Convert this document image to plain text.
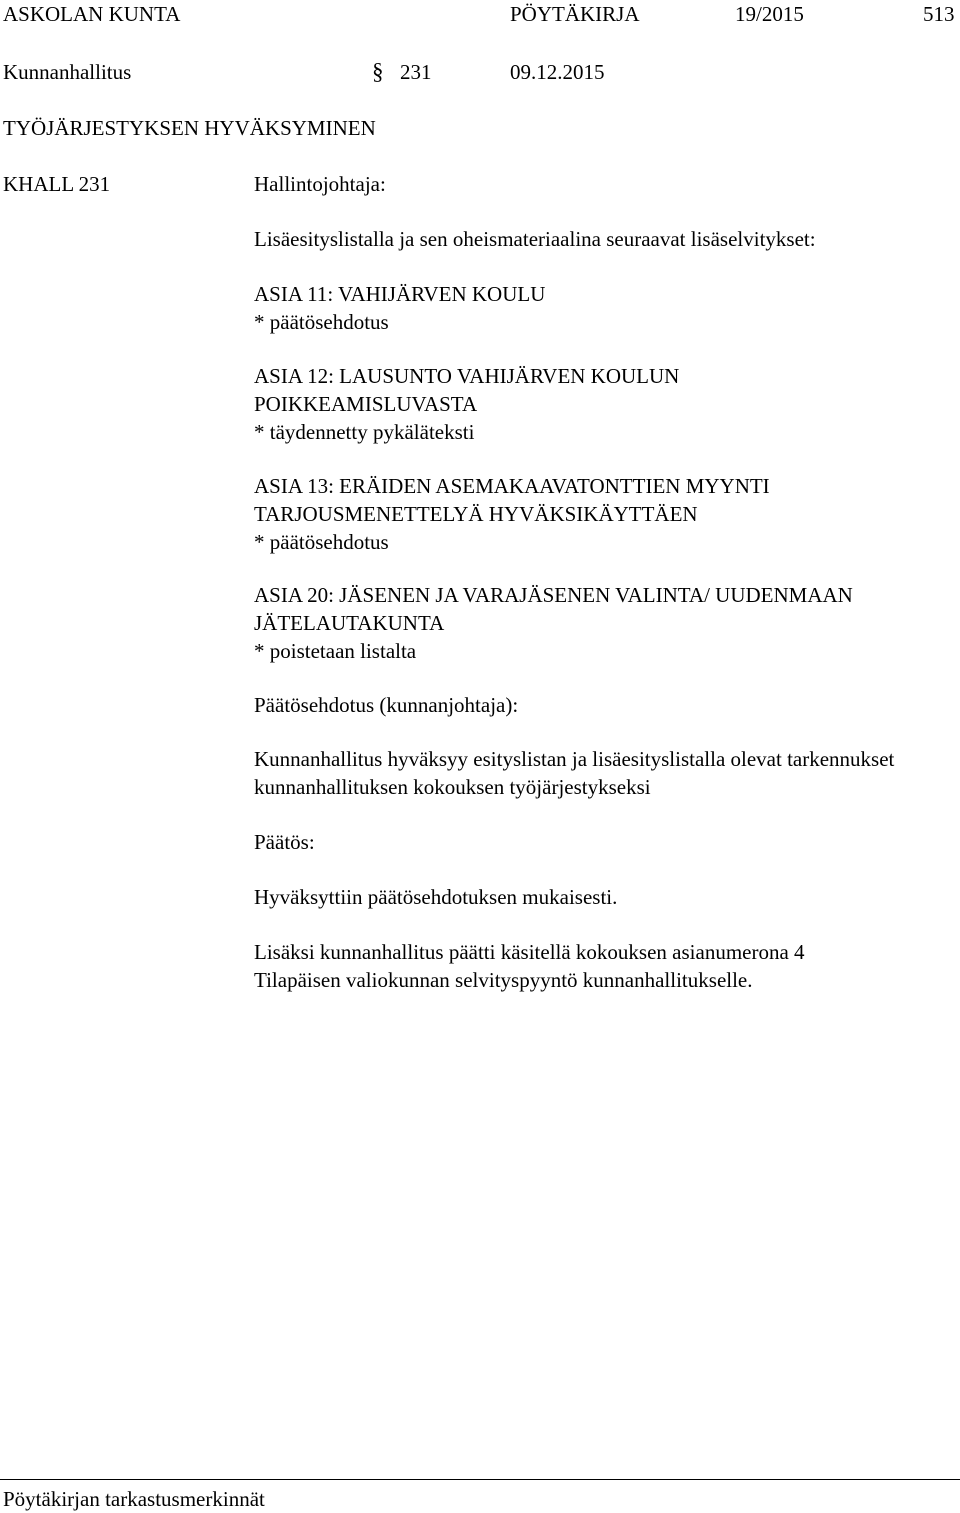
ASKOLAN KUNTA	PÖYTÄKIRJA	19/2015	513
Kunnanhallitus	§ 231	09.12.2015
TYÖJÄRJESTYKSEN HYVÄKSYMINEN
KHALL 231	Hallintojohtaja:
Lisäesityslistalla ja sen oheismateriaalina seuraavat lisäselvitykset:
ASIA 11: VAHIJÄRVEN KOULU
* päätösehdotus
ASIA 12: LAUSUNTO VAHIJÄRVEN KOULUN
POIKKEAMISLUVASTA
* täydennetty pykäläteksti
ASIA 13: ERÄIDEN ASEMAKAAVATONTTIEN MYYNTI
TARJOUSMENETTELYÄ HYVÄKSIKÄYTTÄEN
* päätösehdotus
ASIA 20: JÄSENEN JA VARAJÄSENEN VALINTA/ UUDENMAAN
JÄTELAUTAKUNTA
* poistetaan listalta
Päätösehdotus (kunnanjohtaja):
Kunnanhallitus hyväksyy esityslistan ja lisäesityslistalla olevat tarkennukset
kunnanhallituksen kokouksen työjärjestykseksi
Päätös:
Hyväksyttiin päätösehdotuksen mukaisesti.
Lisäksi kunnanhallitus päätti käsitellä kokouksen asianumerona 4
Tilapäisen valiokunnan selvityspyyntö kunnanhallitukselle.
Pöytäkirjan tarkastusmerkinnät
